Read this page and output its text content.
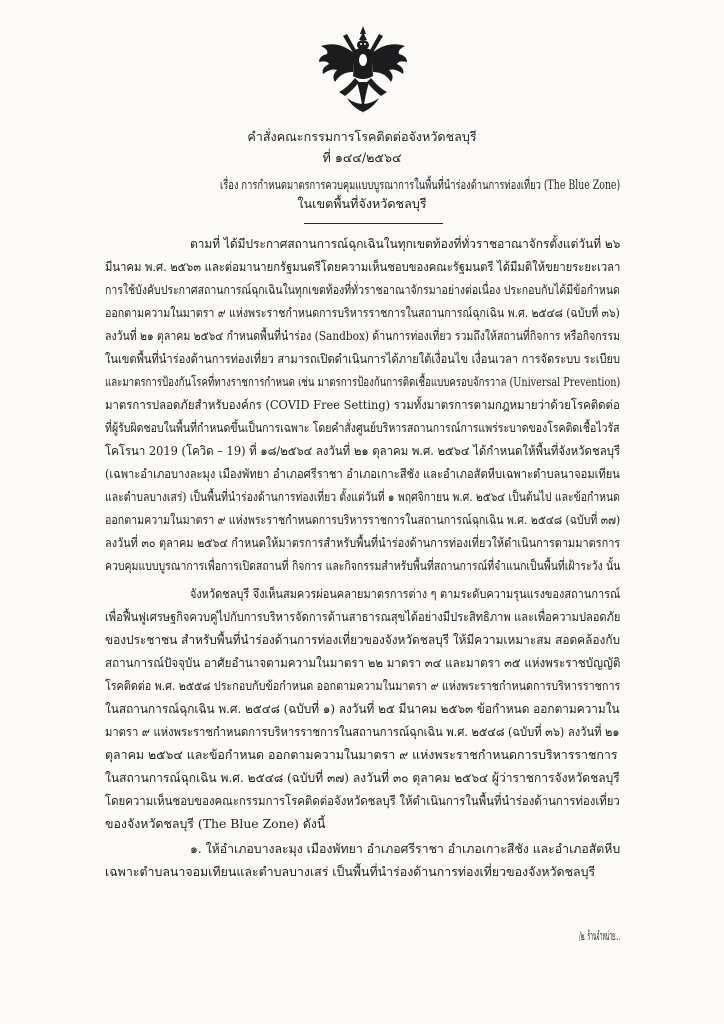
คำสั่งคณะกรรมการโรคติดต่อจังหวัดชลบุรี
ที่ ๑๔๔/๒๕๖๔
เรื่อง การกำหนดมาตรการควบคุมแบบบูรณาการในพื้นที่นำร่องด้านการท่องเที่ยว (The Blue Zone)
ในเขตพื้นที่จังหวัดชลบุรี
ตามที่ ได้มีประกาศสถานการณ์ฉุกเฉินในทุกเขตท้องที่ทั่วราชอาณาจักรตั้งแต่วันที่ ๒๖
มีนาคม พ.ศ. ๒๕๖๓ และต่อมานายกรัฐมนตรีโดยความเห็นชอบของคณะรัฐมนตรี ได้มีมติให้ขยายระยะเวลา
การใช้บังคับประกาศสถานการณ์ฉุกเฉินในทุกเขตท้องที่ทั่วราชอาณาจักรมาอย่างต่อเนื่อง ประกอบกับได้มีข้อกำหนด
ออกตามความในมาตรา ๙ แห่งพระราชกำหนดการบริหารราชการในสถานการณ์ฉุกเฉิน พ.ศ. ๒๕๔๘ (ฉบับที่ ๓๖)
ลงวันที่ ๒๑ ตุลาคม ๒๕๖๔ กำหนดพื้นที่นำร่อง (Sandbox) ด้านการท่องเที่ยว รวมถึงให้สถานที่กิจการ หรือกิจกรรม
ในเขตพื้นที่นำร่องด้านการท่องเที่ยว สามารถเปิดดำเนินการได้ภายใต้เงื่อนไข เงื่อนเวลา การจัดระบบ ระเบียบ
และมาตรการป้องกันโรคที่ทางราชการกำหนด เช่น มาตรการป้องกันการติดเชื้อแบบครอบจักรวาล (Universal Prevention)
มาตรการปลอดภัยสำหรับองค์กร (COVID Free Setting) รวมทั้งมาตรการตามกฎหมายว่าด้วยโรคติดต่อ
ที่ผู้รับผิดชอบในพื้นที่กำหนดขึ้นเป็นการเฉพาะ โดยคำสั่งศูนย์บริหารสถานการณ์การแพร่ระบาดของโรคติดเชื้อไวรัส
โคโรนา 2019 (โควิด – 19) ที่ ๑๘/๒๕๖๔ ลงวันที่ ๒๑ ตุลาคม พ.ศ. ๒๕๖๔ ได้กำหนดให้พื้นที่จังหวัดชลบุรี
(เฉพาะอำเภอบางละมุง เมืองพัทยา อำเภอศรีราชา อำเภอเกาะสีชัง และอำเภอสัตหีบเฉพาะตำบลนาจอมเทียน
และตำบลบางเสร่) เป็นพื้นที่นำร่องด้านการท่องเที่ยว ตั้งแต่วันที่ ๑ พฤศจิกายน พ.ศ. ๒๕๖๔ เป็นต้นไป และข้อกำหนด
ออกตามความในมาตรา ๙ แห่งพระราชกำหนดการบริหารราชการในสถานการณ์ฉุกเฉิน พ.ศ. ๒๕๔๘ (ฉบับที่ ๓๗)
ลงวันที่ ๓๐ ตุลาคม ๒๕๖๔ กำหนดให้มาตรการสำหรับพื้นที่นำร่องด้านการท่องเที่ยวให้ดำเนินการตามมาตรการ
ควบคุมแบบบูรณาการเพื่อการเปิดสถานที่ กิจการ และกิจกรรมสำหรับพื้นที่สถานการณ์ที่จำแนกเป็นพื้นที่เฝ้าระวัง นั้น
จังหวัดชลบุรี จึงเห็นสมควรผ่อนคลายมาตรการต่าง ๆ ตามระดับความรุนแรงของสถานการณ์
เพื่อฟื้นฟูเศรษฐกิจควบคู่ไปกับการบริหารจัดการด้านสาธารณสุขได้อย่างมีประสิทธิภาพ และเพื่อความปลอดภัย
ของประชาชน สำหรับพื้นที่นำร่องด้านการท่องเที่ยวของจังหวัดชลบุรี ให้มีความเหมาะสม สอดคล้องกับ
สถานการณ์ปัจจุบัน อาศัยอำนาจตามความในมาตรา ๒๒ มาตรา ๓๔ และมาตรา ๓๕ แห่งพระราชบัญญัติ
โรคติดต่อ พ.ศ. ๒๕๕๘ ประกอบกับข้อกำหนด ออกตามความในมาตรา ๙ แห่งพระราชกำหนดการบริหารราชการ
ในสถานการณ์ฉุกเฉิน พ.ศ. ๒๕๔๘ (ฉบับที่ ๑) ลงวันที่ ๒๕ มีนาคม ๒๕๖๓ ข้อกำหนด ออกตามความใน
มาตรา ๙ แห่งพระราชกำหนดการบริหารราชการในสถานการณ์ฉุกเฉิน พ.ศ. ๒๕๔๘ (ฉบับที่ ๓๖) ลงวันที่ ๒๑
ตุลาคม ๒๕๖๔ และข้อกำหนด ออกตามความในมาตรา ๙ แห่งพระราชกำหนดการบริหารราชการ
ในสถานการณ์ฉุกเฉิน พ.ศ. ๒๕๔๘ (ฉบับที่ ๓๗) ลงวันที่ ๓๐ ตุลาคม ๒๕๖๔ ผู้ว่าราชการจังหวัดชลบุรี
โดยความเห็นชอบของคณะกรรมการโรคติดต่อจังหวัดชลบุรี ให้ดำเนินการในพื้นที่นำร่องด้านการท่องเที่ยว
ของจังหวัดชลบุรี (The Blue Zone) ดังนี้
๑. ให้อำเภอบางละมุง เมืองพัทยา อำเภอศรีราชา อำเภอเกาะสีชัง และอำเภอสัตหีบ
เฉพาะตำบลนาจอมเทียนและตำบลบางเสร่ เป็นพื้นที่นำร่องด้านการท่องเที่ยวของจังหวัดชลบุรี
/๒. ร้านจำหน่าย...
